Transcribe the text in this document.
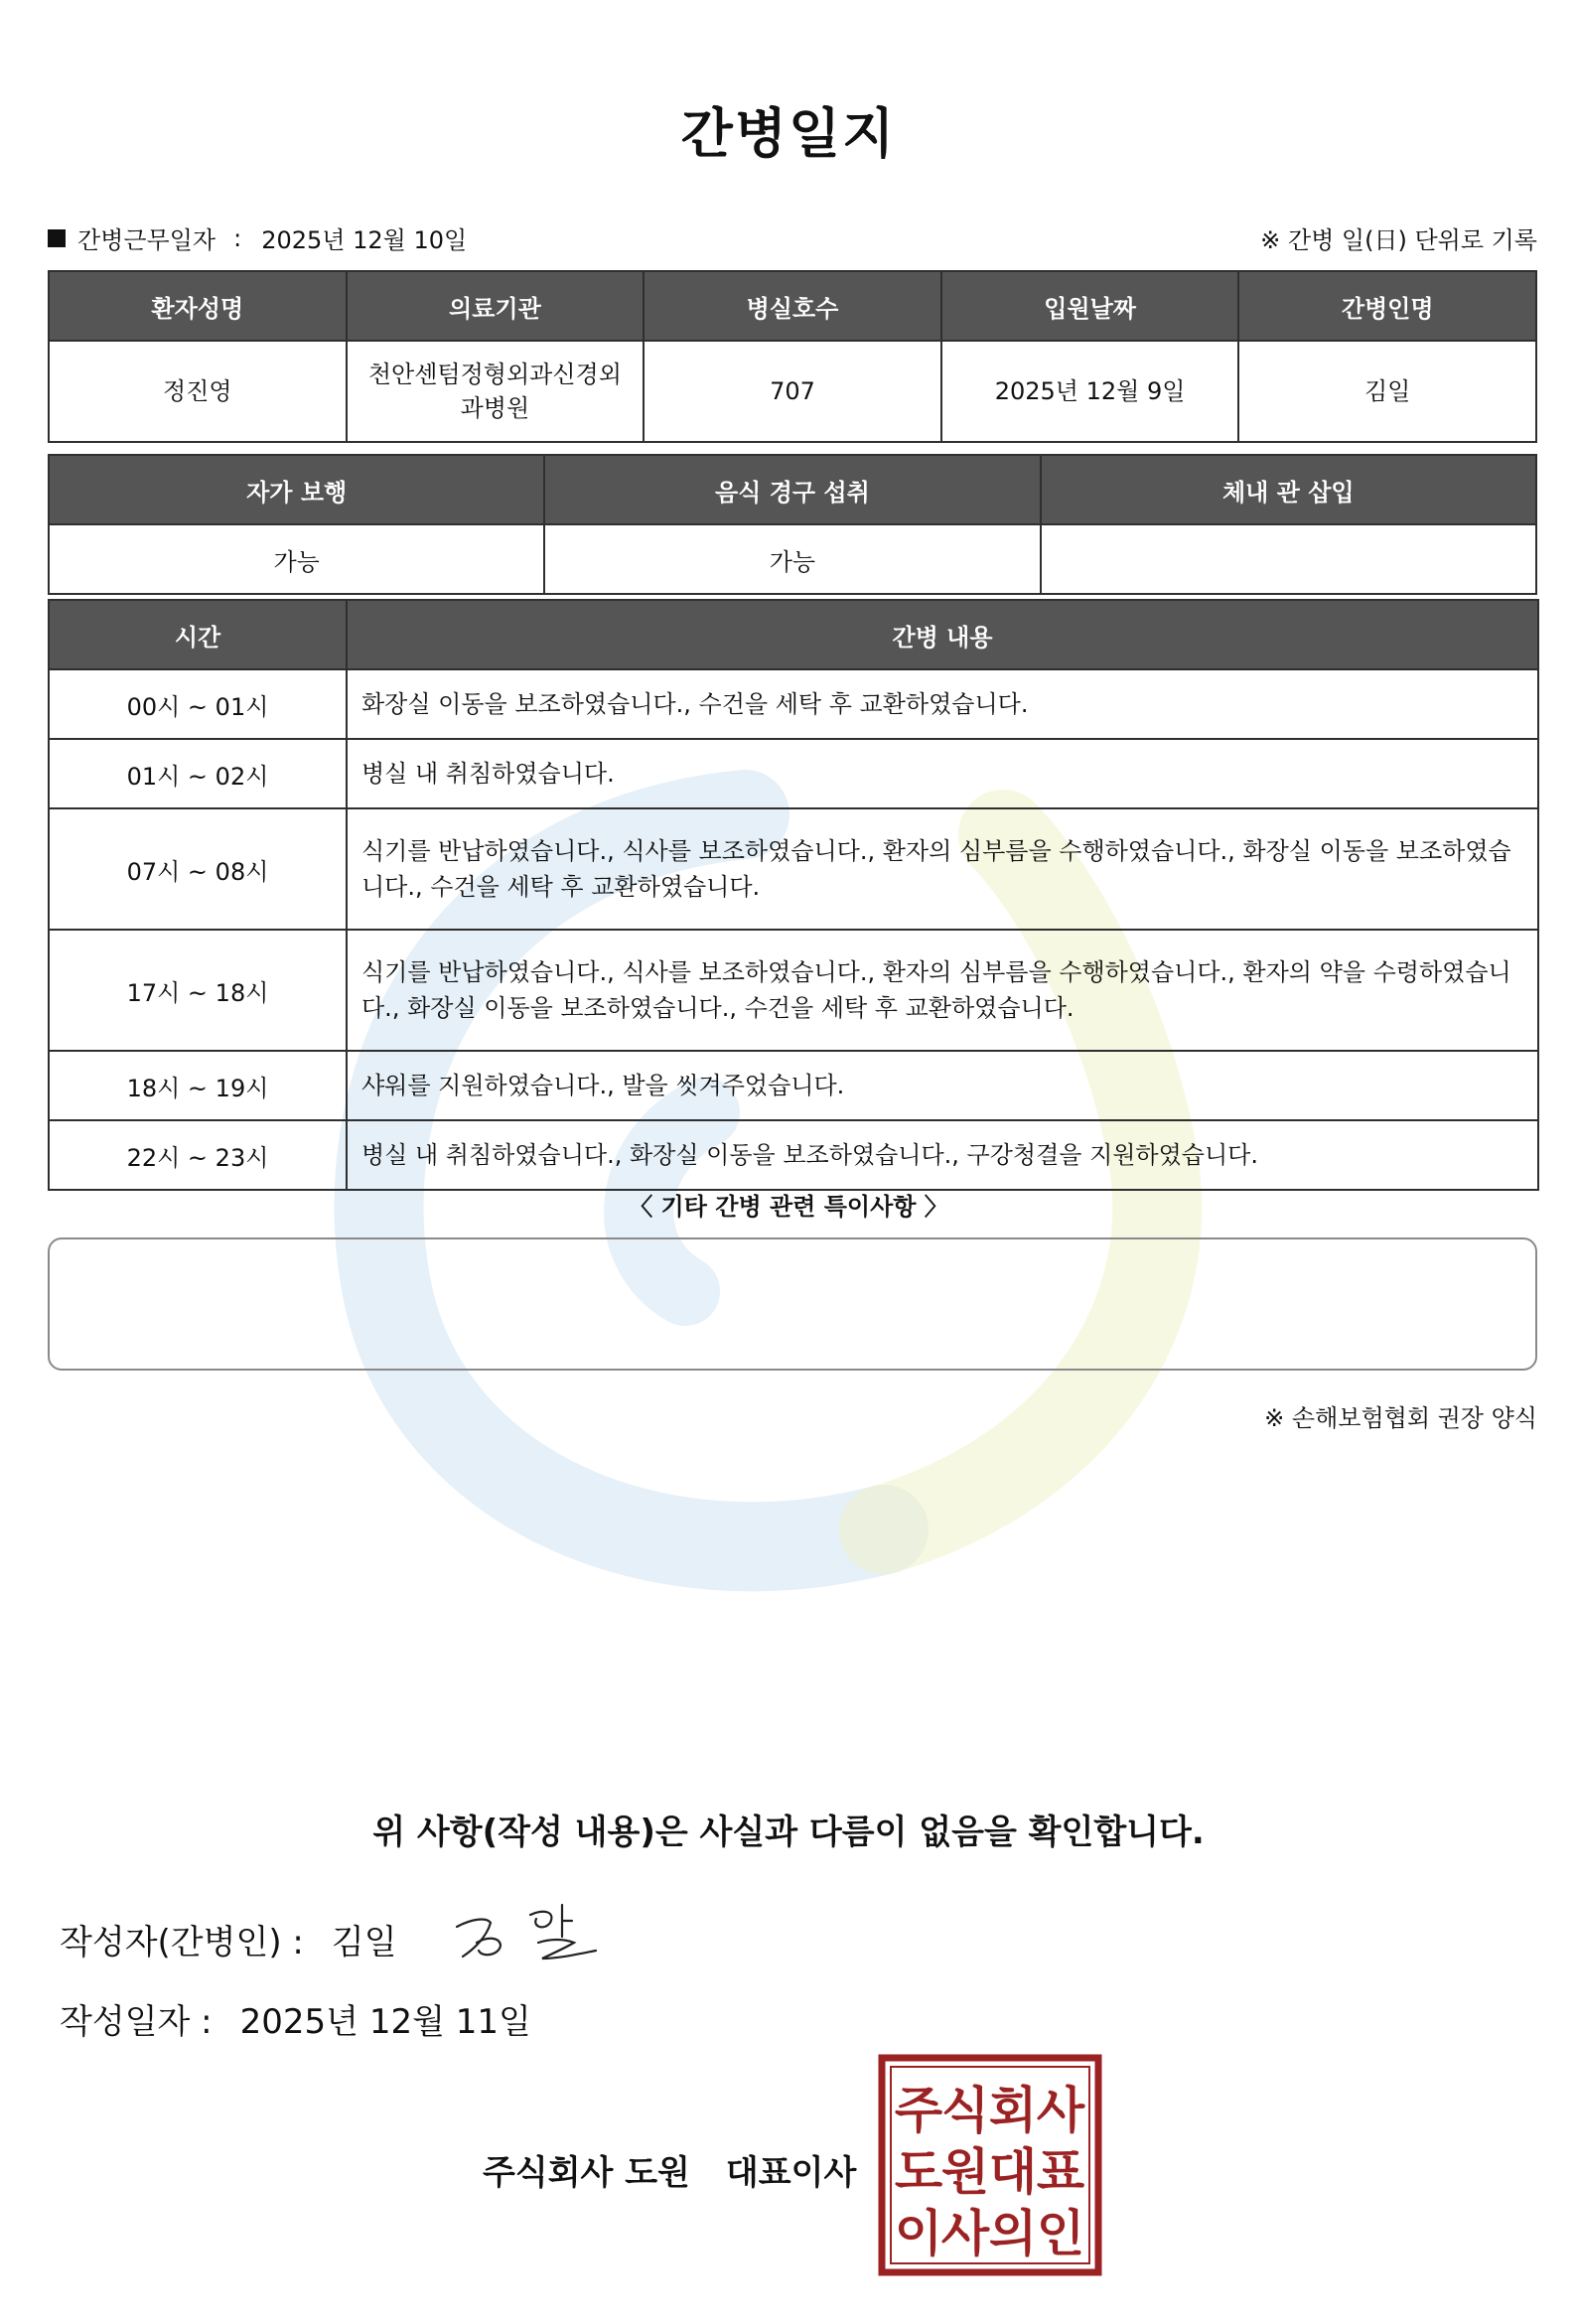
간병일지
간병근무일자 : 2025년 12월 10일	※ 간병 일(日) 단위로 기록
환자성명	의료기관	병실호수	입원날짜	간병인명
정진영	천안센텀정형외과신경외과병원	707	2025년 12월 9일	김일
자가 보행	음식 경구 섭취	체내 관 삽입
가능	가능	
시간	간병 내용
00시 ~ 01시	화장실 이동을 보조하였습니다., 수건을 세탁 후 교환하였습니다.
01시 ~ 02시	병실 내 취침하였습니다.
07시 ~ 08시	식기를 반납하였습니다., 식사를 보조하였습니다., 환자의 심부름을 수행하였습니다., 화장실 이동을 보조하였습니다., 수건을 세탁 후 교환하였습니다.
17시 ~ 18시	식기를 반납하였습니다., 식사를 보조하였습니다., 환자의 심부름을 수행하였습니다., 환자의 약을 수령하였습니다., 화장실 이동을 보조하였습니다., 수건을 세탁 후 교환하였습니다.
18시 ~ 19시	샤워를 지원하였습니다., 발을 씻겨주었습니다.
22시 ~ 23시	병실 내 취침하였습니다., 화장실 이동을 보조하였습니다., 구강청결을 지원하였습니다.
〈 기타 간병 관련 특이사항 〉
※ 손해보험협회 권장 양식
위 사항(작성 내용)은 사실과 다름이 없음을 확인합니다.
작성자(간병인) : 김일
작성일자 : 2025년 12월 11일
주식회사 도원 대표이사
주
식 회 사
도
원 대 표
이
사 의 인
